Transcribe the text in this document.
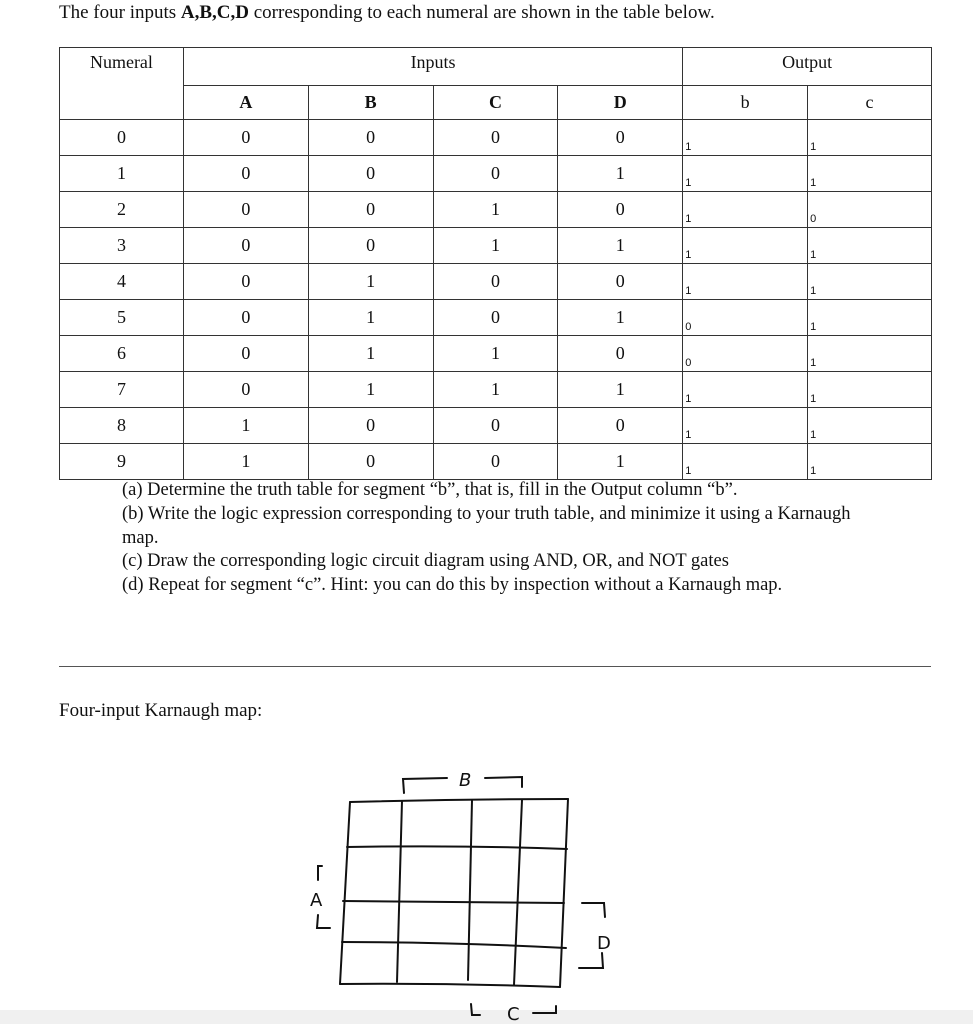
The four inputs A,B,C,D corresponding to each numeral are shown in the table below.
Numeral	Inputs				Output	
	A	B	C	D	b	c
0	0	0	0	0	1	1
1	0	0	0	1	1	1
2	0	0	1	0	1	0
3	0	0	1	1	1	1
4	0	1	0	0	1	1
5	0	1	0	1	0	1
6	0	1	1	0	0	1
7	0	1	1	1	1	1
8	1	0	0	0	1	1
9	1	0	0	1	1	1
(a) Determine the truth table for segment “b”, that is, fill in the Output column “b”.
(b) Write the logic expression corresponding to your truth table, and minimize it using a Karnaugh map.
(c) Draw the corresponding logic circuit diagram using AND, OR, and NOT gates
(d) Repeat for segment “c”. Hint: you can do this by inspection without a Karnaugh map.
Four-input Karnaugh map:
B
A
D
C
